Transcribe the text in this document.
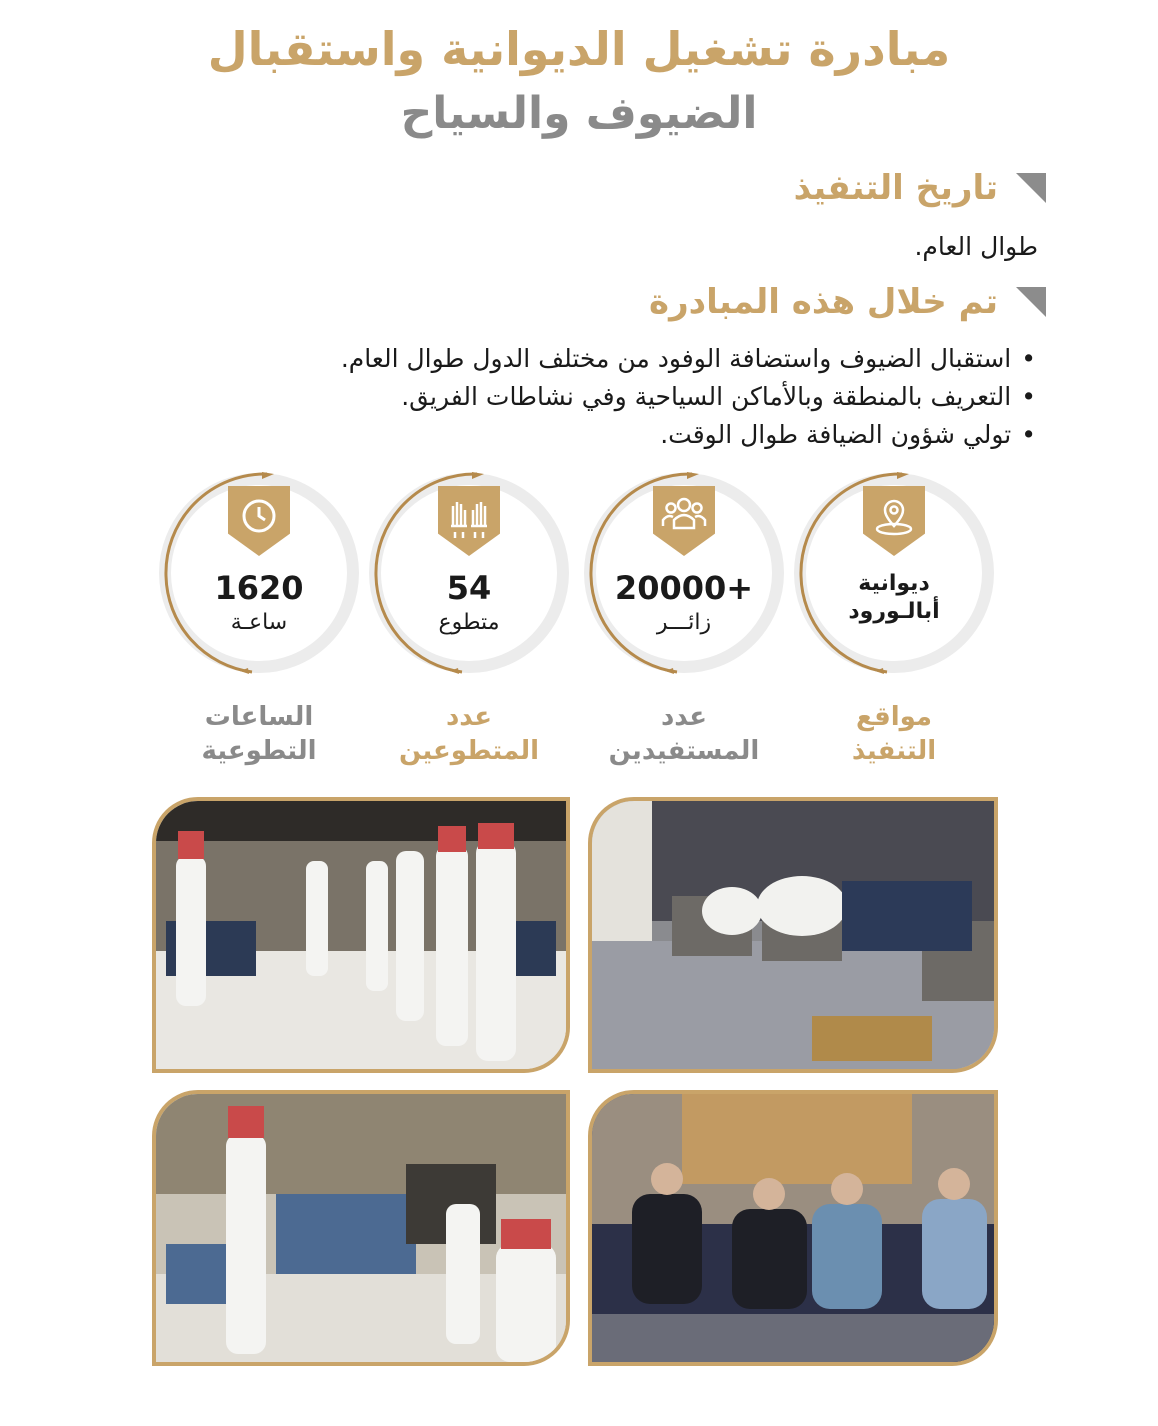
مبادرة تشغيل الديوانية واستقبال
الضيوف والسياح
تاريخ التنفيذ
طوال العام.
تم خلال هذه المبادرة
• استقبال الضيوف واستضافة الوفود من مختلف الدول طوال العام.
• التعريف بالمنطقة وبالأماكن السياحية وفي نشاطات الفريق.
• تولي شؤون الضيافة طوال الوقت.
1620
ساعـة
54
متطوع
20000+
زائـــر
ديوانية
أبالـورود
الساعات
التطوعية
عدد
المتطوعين
عدد
المستفيدين
مواقع
التنفيذ
